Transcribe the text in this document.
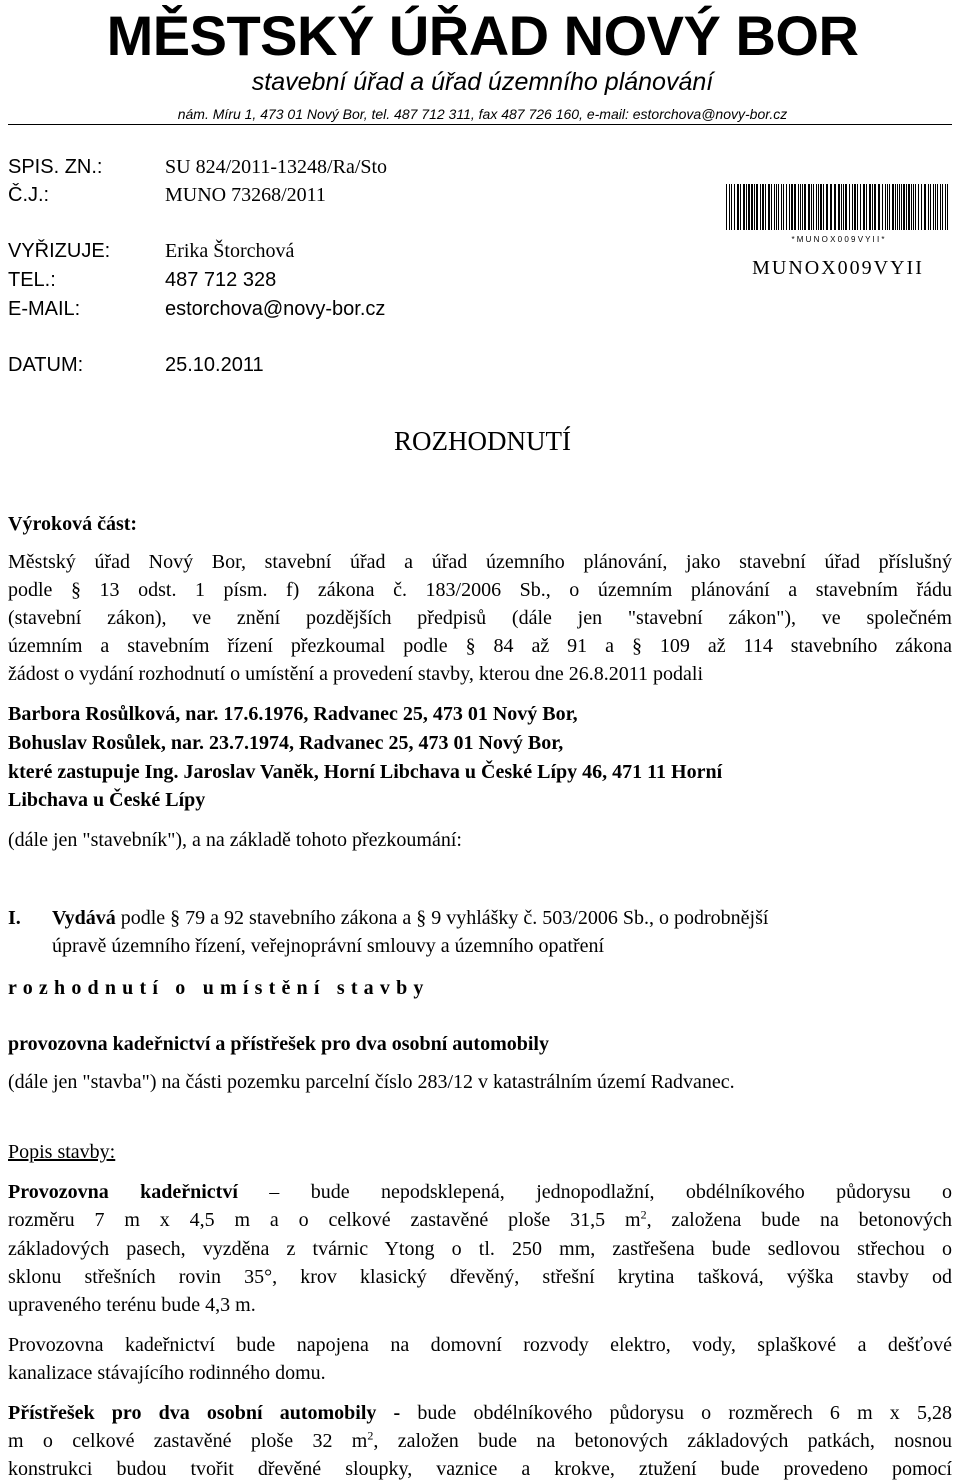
MĚSTSKÝ ÚŘAD NOVÝ BOR
stavební úřad a úřad územního plánování
nám. Míru 1, 473 01 Nový Bor, tel. 487 712 311, fax 487 726 160, e-mail: estorchova@novy-bor.cz
SPIS. ZN.:	SU 824/2011-13248/Ra/Sto
Č.J.:	MUNO 73268/2011
VYŘIZUJE:	Erika Štorchová
TEL.:	487 712 328
E-MAIL:	estorchova@novy-bor.cz
DATUM:	25.10.2011
* M U N O X 0 0 9 V Y I I *
MUNOX009VYII
ROZHODNUTÍ
Výroková část:
Městský úřad Nový Bor, stavební úřad a úřad územního plánování, jako stavební úřad příslušný
podle § 13 odst. 1 písm. f) zákona č. 183/2006 Sb., o územním plánování a stavebním řádu
(stavební zákon), ve znění pozdějších předpisů (dále jen "stavební zákon"), ve společném
územním a stavebním řízení přezkoumal podle § 84 až 91 a § 109 až 114 stavebního zákona
žádost o vydání rozhodnutí o umístění a provedení stavby, kterou dne 26.8.2011 podali
Barbora Rosůlková, nar. 17.6.1976, Radvanec 25, 473 01 Nový Bor,
Bohuslav Rosůlek, nar. 23.7.1974, Radvanec 25, 473 01 Nový Bor,
které zastupuje Ing. Jaroslav Vaněk, Horní Libchava u České Lípy 46, 471 11 Horní
Libchava u České Lípy
(dále jen "stavebník"), a na základě tohoto přezkoumání:
I.	Vydává podle § 79 a 92 stavebního zákona a § 9 vyhlášky č. 503/2006 Sb., o podrobnější
úpravě územního řízení, veřejnoprávní smlouvy a územního opatření
rozhodnutí o umístění stavby
provozovna kadeřnictví a přístřešek pro dva osobní automobily
(dále jen "stavba") na části pozemku parcelní číslo 283/12 v katastrálním území Radvanec.
Popis stavby:
Provozovna kadeřnictví – bude nepodsklepená, jednopodlažní, obdélníkového půdorysu o
rozměru 7 m x 4,5 m a o celkové zastavěné ploše 31,5 $m^2$, založena bude na betonových
základových pasech, vyzděna z tvárnic Ytong o tl. 250 mm, zastřešena bude sedlovou střechou o
sklonu střešních rovin 35°, krov klasický dřevěný, střešní krytina tašková, výška stavby od
upraveného terénu bude 4,3 m.
Provozovna kadeřnictví bude napojena na domovní rozvody elektro, vody, splaškové a dešťové
kanalizace stávajícího rodinného domu.
Přístřešek pro dva osobní automobily - bude obdélníkového půdorysu o rozměrech 6 m x 5,28
m o celkové zastavěné ploše 32 $m^2$, založen bude na betonových základových patkách, nosnou
konstrukci budou tvořit dřevěné sloupky, vaznice a krokve, ztužení bude provedeno pomocí
